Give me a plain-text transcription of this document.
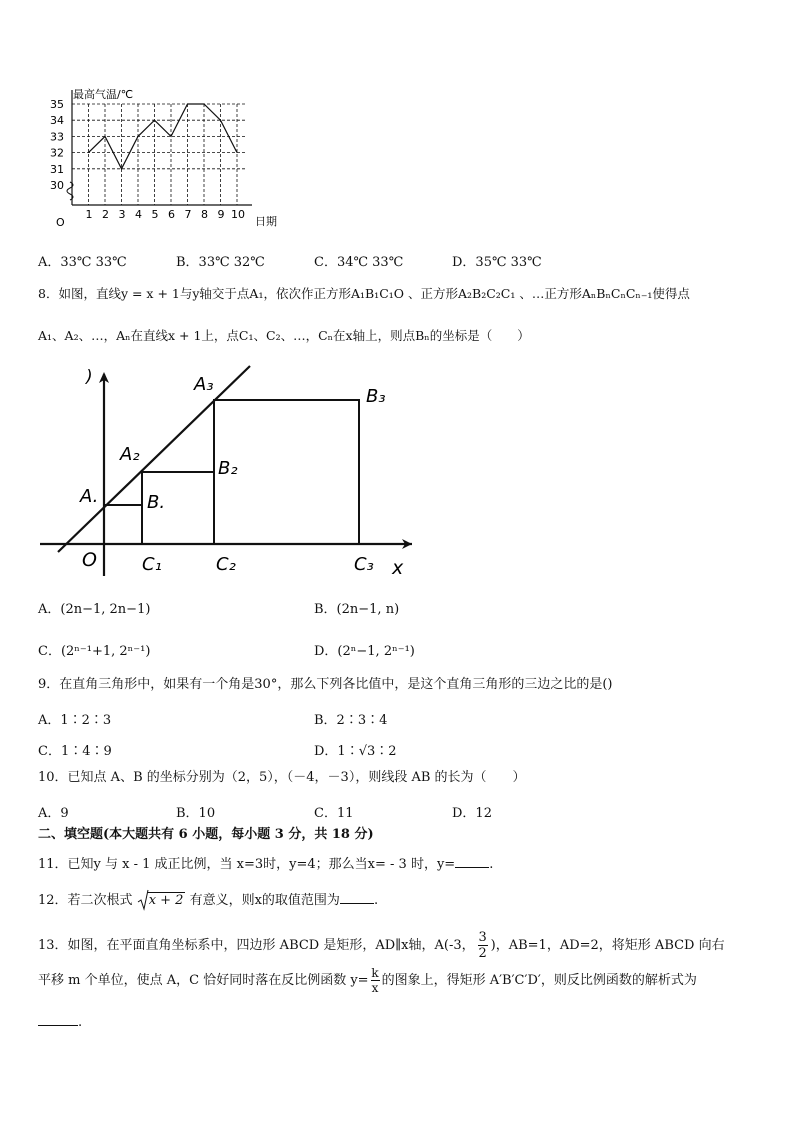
30
31
32
33
34
35
1 2 3 4 5 6 7 8 9 10
最高气温/℃
日期
O
A．33℃ 33℃	B．33℃ 32℃	C．34℃ 33℃	D．35℃ 33℃
8．如图，直线y = x + 1与y轴交于点A₁，依次作正方形A₁B₁C₁O 、正方形A₂B₂C₂C₁ 、…正方形AₙBₙCₙCₙ₋₁使得点
A₁、A₂、…，Aₙ在直线x + 1上，点C₁、C₂、…，Cₙ在x轴上，则点Bₙ的坐标是（　　）
)
x
O
A.
A₂
A₃
B.
B₂
B₃
C₁	C₂	C₃
A．(2n−1, 2n−1)	B．(2n−1, n)
C．(2ⁿ⁻¹+1, 2ⁿ⁻¹)	D．(2ⁿ−1, 2ⁿ⁻¹)
9．在直角三角形中，如果有一个角是30°，那么下列各比值中，是这个直角三角形的三边之比的是()
A．1∶2∶3	B．2∶3∶4
C．1∶4∶9	D．1∶√3∶2
10．已知点 A、B 的坐标分别为（2，5），（－4，－3），则线段 AB 的长为（　　）
A．9	B．10	C．11	D．12
二、填空题(本大题共有 6 小题，每小题 3 分，共 18 分)
11．已知y 与 x - 1 成正比例，当 x=3时，y=4；那么当x= - 3 时，y=	.
12．若二次根式 x + 2 有意义，则x的取值范围为	.
13．如图，在平面直角坐标系中，四边形 ABCD 是矩形，AD∥x轴，A(-3， 3
2
)，AB=1，AD=2，将矩形 ABCD 向右
平移 m 个单位，使点 A，C 恰好同时落在反比例函数 y= k
x
的图象上，得矩形 A′B′C′D′，则反比例函数的解析式为
.
